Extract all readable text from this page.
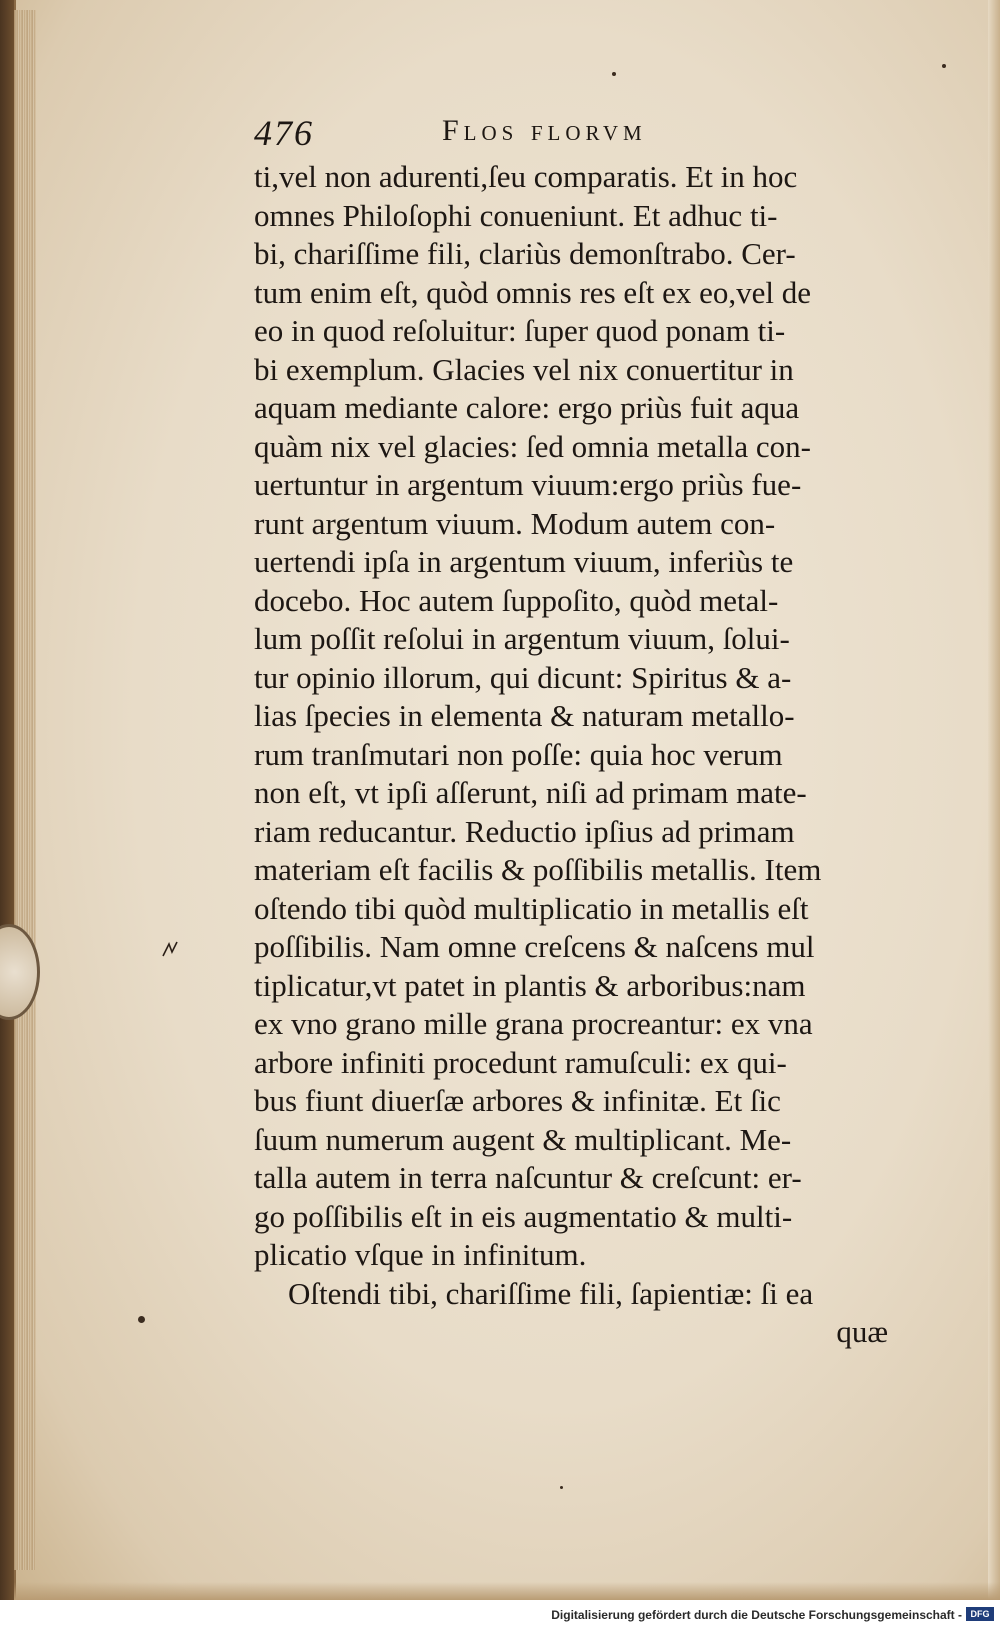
476	Flos florvm
ti,vel non adurenti,ſeu comparatis. Et in hoc
omnes Philoſophi conueniunt. Et adhuc ti-
bi, chariſſime fili, clariùs demonſtrabo. Cer-
tum enim eſt, quòd omnis res eſt ex eo,vel de
eo in quod reſoluitur: ſuper quod ponam ti-
bi exemplum. Glacies vel nix conuertitur in
aquam mediante calore: ergo priùs fuit aqua
quàm nix vel glacies: ſed omnia metalla con-
uertuntur in argentum viuum:ergo priùs fue-
runt argentum viuum. Modum autem con-
uertendi ipſa in argentum viuum, inferiùs te
docebo. Hoc autem ſuppoſito, quòd metal-
lum poſſit reſolui in argentum viuum, ſolui-
tur opinio illorum, qui dicunt: Spiritus & a-
lias ſpecies in elementa & naturam metallo-
rum tranſmutari non poſſe: quia hoc verum
non eſt, vt ipſi aſſerunt, niſi ad primam mate-
riam reducantur. Reductio ipſius ad primam
materiam eſt facilis & poſſibilis metallis. Item
oſtendo tibi quòd multiplicatio in metallis eſt
poſſibilis. Nam omne creſcens & naſcens mul
tiplicatur,vt patet in plantis & arboribus:nam
ex vno grano mille grana procreantur: ex vna
arbore infiniti procedunt ramuſculi: ex qui-
bus fiunt diuerſæ arbores & infinitæ. Et ſic
ſuum numerum augent & multiplicant. Me-
talla autem in terra naſcuntur & creſcunt: er-
go poſſibilis eſt in eis augmentatio & multi-
plicatio vſque in infinitum.
Oſtendi tibi, chariſſime fili, ſapientiæ: ſi ea
quæ
Digitalisierung gefördert durch die Deutsche Forschungsgemeinschaft - DFG
